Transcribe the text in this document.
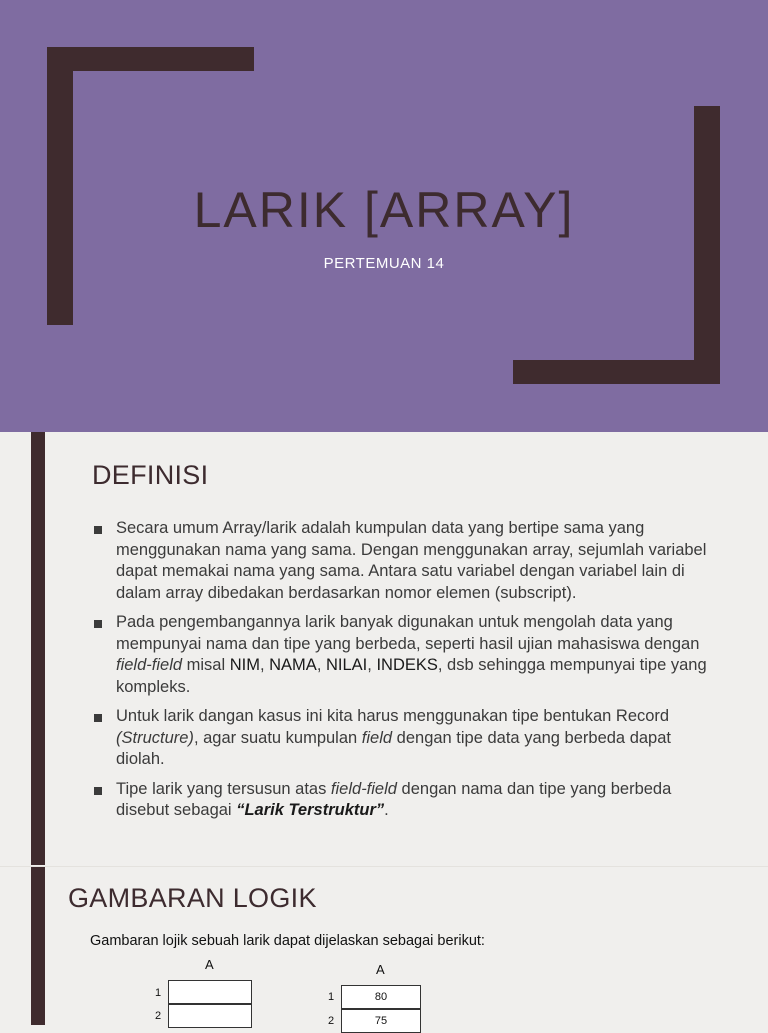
LARIK [ARRAY]
PERTEMUAN 14
DEFINISI
Secara umum Array/larik adalah kumpulan data yang bertipe sama yang menggunakan nama yang sama. Dengan menggunakan array, sejumlah variabel dapat memakai nama yang sama. Antara satu variabel dengan variabel lain di dalam array dibedakan berdasarkan nomor elemen (subscript).
Pada pengembangannya larik banyak digunakan untuk mengolah data yang mempunyai nama dan tipe yang berbeda, seperti hasil ujian mahasiswa dengan field-field misal NIM, NAMA, NILAI, INDEKS, dsb sehingga mempunyai tipe yang kompleks.
Untuk larik dangan kasus ini kita harus menggunakan tipe bentukan Record (Structure), agar suatu kumpulan field dengan tipe data yang berbeda dapat diolah.
Tipe larik yang tersusun atas field-field dengan nama dan tipe yang berbeda disebut sebagai “Larik Terstruktur”.
GAMBARAN LOGIK
Gambaran lojik sebuah larik dapat dijelaskan sebagai berikut:
A
1
2
A
1	80
2	75
